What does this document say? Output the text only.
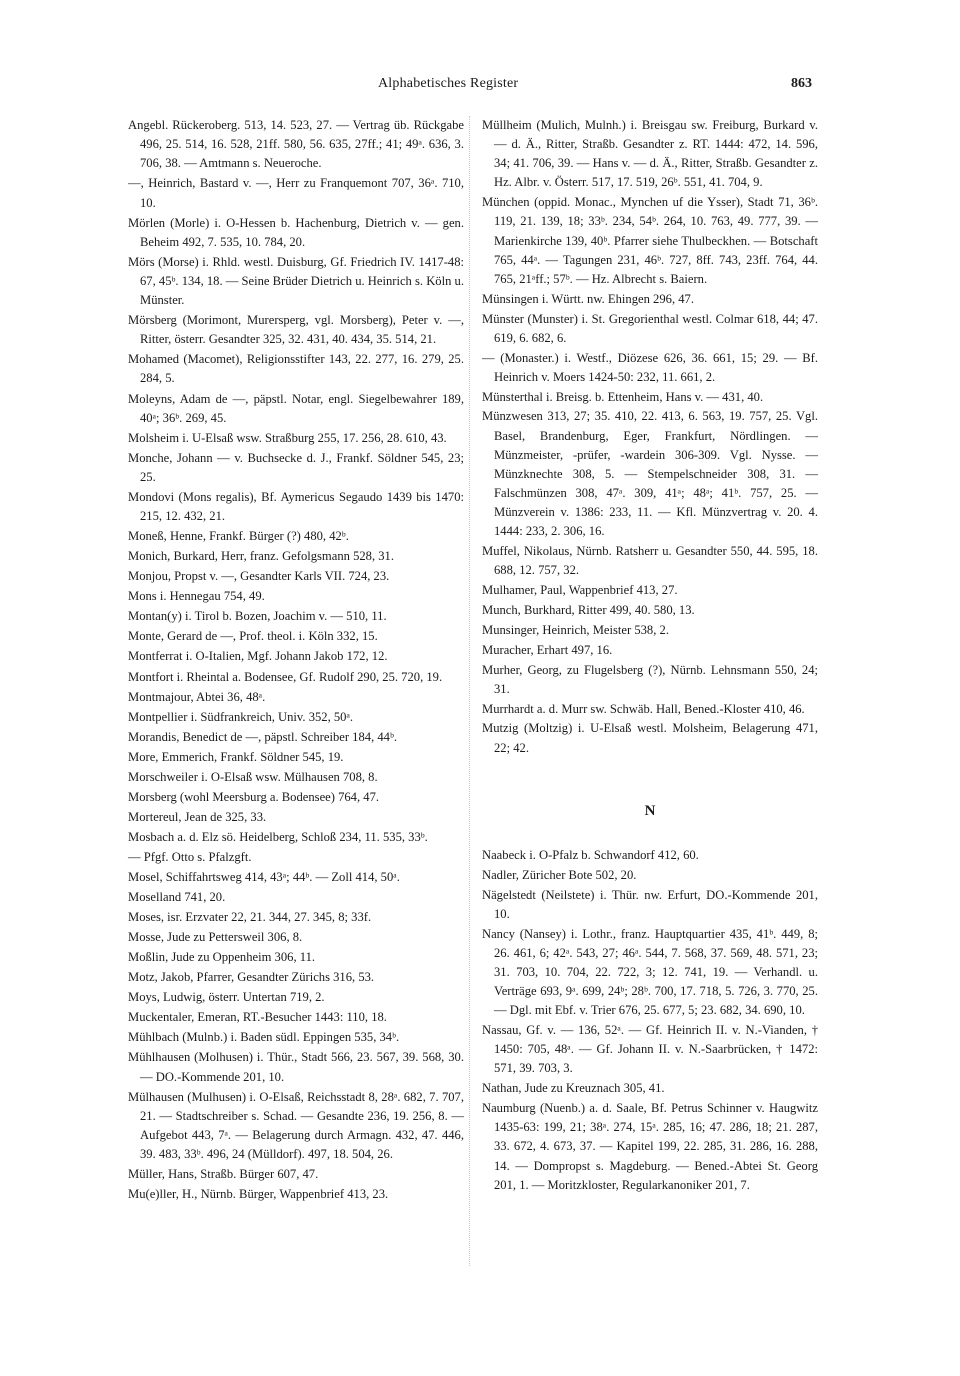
Alphabetisches Register	863

Angebl. Rückeroberg. 513, 14. 523, 27. — Vertrag üb. Rückgabe 496, 25. 514, 16. 528, 21ff. 580, 56. 635, 27ff.; 41; 49ᵃ. 636, 3. 706, 38. — Amtmann s. Neueroche.

—, Heinrich, Bastard v. —, Herr zu Franquemont 707, 36ᵃ. 710, 10.

Mörlen (Morle) i. O-Hessen b. Hachenburg, Dietrich v. — gen. Beheim 492, 7. 535, 10. 784, 20.

Mörs (Morse) i. Rhld. westl. Duisburg, Gf. Friedrich IV. 1417-48: 67, 45ᵇ. 134, 18. — Seine Brüder Dietrich u. Heinrich s. Köln u. Münster.

Mörsberg (Morimont, Murersperg, vgl. Morsberg), Peter v. —, Ritter, österr. Gesandter 325, 32. 431, 40. 434, 35. 514, 21.

Mohamed (Macomet), Religionsstifter 143, 22. 277, 16. 279, 25. 284, 5.

Moleyns, Adam de —, päpstl. Notar, engl. Siegelbewahrer 189, 40ᵃ; 36ᵇ. 269, 45.

Molsheim i. U-Elsaß wsw. Straßburg 255, 17. 256, 28. 610, 43.

Monche, Johann — v. Buchsecke d. J., Frankf. Söldner 545, 23; 25.

Mondovi (Mons regalis), Bf. Aymericus Segaudo 1439 bis 1470: 215, 12. 432, 21.

Moneß, Henne, Frankf. Bürger (?) 480, 42ᵇ.

Monich, Burkard, Herr, franz. Gefolgsmann 528, 31.

Monjou, Propst v. —, Gesandter Karls VII. 724, 23.

Mons i. Hennegau 754, 49.

Montan(y) i. Tirol b. Bozen, Joachim v. — 510, 11.

Monte, Gerard de —, Prof. theol. i. Köln 332, 15.

Montferrat i. O-Italien, Mgf. Johann Jakob 172, 12.

Montfort i. Rheintal a. Bodensee, Gf. Rudolf 290, 25. 720, 19.

Montmajour, Abtei 36, 48ᵃ.

Montpellier i. Südfrankreich, Univ. 352, 50ᵃ.

Morandis, Benedict de —, päpstl. Schreiber 184, 44ᵇ.

More, Emmerich, Frankf. Söldner 545, 19.

Morschweiler i. O-Elsaß wsw. Mülhausen 708, 8.

Morsberg (wohl Meersburg a. Bodensee) 764, 47.

Mortereul, Jean de 325, 33.

Mosbach a. d. Elz sö. Heidelberg, Schloß 234, 11. 535, 33ᵇ.

— Pfgf. Otto s. Pfalzgft.

Mosel, Schiffahrtsweg 414, 43ᵃ; 44ᵇ. — Zoll 414, 50ᵃ.

Moselland 741, 20.

Moses, isr. Erzvater 22, 21. 344, 27. 345, 8; 33f.

Mosse, Jude zu Pettersweil 306, 8.

Moßlin, Jude zu Oppenheim 306, 11.

Motz, Jakob, Pfarrer, Gesandter Zürichs 316, 53.

Moys, Ludwig, österr. Untertan 719, 2.

Muckentaler, Emeran, RT.-Besucher 1443: 110, 18.

Mühlbach (Mulnb.) i. Baden südl. Eppingen 535, 34ᵇ.

Mühlhausen (Molhusen) i. Thür., Stadt 566, 23. 567, 39. 568, 30. — DO.-Kommende 201, 10.

Mülhausen (Mulhusen) i. O-Elsaß, Reichsstadt 8, 28ᵃ. 682, 7. 707, 21. — Stadtschreiber s. Schad. — Gesandte 236, 19. 256, 8. — Aufgebot 443, 7ᵃ. — Belagerung durch Armagn. 432, 47. 446, 39. 483, 33ᵇ. 496, 24 (Mülldorf). 497, 18. 504, 26.

Müller, Hans, Straßb. Bürger 607, 47.

Mu(e)ller, H., Nürnb. Bürger, Wappenbrief 413, 23.

Müllheim (Mulich, Mulnh.) i. Breisgau sw. Freiburg, Burkard v. — d. Ä., Ritter, Straßb. Gesandter z. RT. 1444: 472, 14. 596, 34; 41. 706, 39. — Hans v. — d. Ä., Ritter, Straßb. Gesandter z. Hz. Albr. v. Österr. 517, 17. 519, 26ᵇ. 551, 41. 704, 9.

München (oppid. Monac., Mynchen uf die Ysser), Stadt 71, 36ᵇ. 119, 21. 139, 18; 33ᵇ. 234, 54ᵇ. 264, 10. 763, 49. 777, 39. — Marienkirche 139, 40ᵇ. Pfarrer siehe Thulbeckhen. — Botschaft 765, 44ᵃ. — Tagungen 231, 46ᵇ. 727, 8ff. 743, 23ff. 764, 44. 765, 21ᵃff.; 57ᵇ. — Hz. Albrecht s. Baiern.

Münsingen i. Württ. nw. Ehingen 296, 47.

Münster (Munster) i. St. Gregorienthal westl. Colmar 618, 44; 47. 619, 6. 682, 6.

— (Monaster.) i. Westf., Diözese 626, 36. 661, 15; 29. — Bf. Heinrich v. Moers 1424-50: 232, 11. 661, 2.

Münsterthal i. Breisg. b. Ettenheim, Hans v. — 431, 40.

Münzwesen 313, 27; 35. 410, 22. 413, 6. 563, 19. 757, 25. Vgl. Basel, Brandenburg, Eger, Frankfurt, Nördlingen. — Münzmeister, -prüfer, -wardein 306-309. Vgl. Nysse. — Münzknechte 308, 5. — Stempelschneider 308, 31. — Falschmünzen 308, 47ᵃ. 309, 41ᵃ; 48ᵃ; 41ᵇ. 757, 25. — Münzverein v. 1386: 233, 11. — Kfl. Münzvertrag v. 20. 4. 1444: 233, 2. 306, 16.

Muffel, Nikolaus, Nürnb. Ratsherr u. Gesandter 550, 44. 595, 18. 688, 12. 757, 32.

Mulhamer, Paul, Wappenbrief 413, 27.

Munch, Burkhard, Ritter 499, 40. 580, 13.

Munsinger, Heinrich, Meister 538, 2.

Muracher, Erhart 497, 16.

Murher, Georg, zu Flugelsberg (?), Nürnb. Lehnsmann 550, 24; 31.

Murrhardt a. d. Murr sw. Schwäb. Hall, Bened.-Kloster 410, 46.

Mutzig (Moltzig) i. U-Elsaß westl. Molsheim, Belagerung 471, 22; 42.

N

Naabeck i. O-Pfalz b. Schwandorf 412, 60.

Nadler, Züricher Bote 502, 20.

Nägelstedt (Neilstete) i. Thür. nw. Erfurt, DO.-Kommende 201, 10.

Nancy (Nansey) i. Lothr., franz. Hauptquartier 435, 41ᵇ. 449, 8; 26. 461, 6; 42ᵃ. 543, 27; 46ᵃ. 544, 7. 568, 37. 569, 48. 571, 23; 31. 703, 10. 704, 22. 722, 3; 12. 741, 19. — Verhandl. u. Verträge 693, 9ᵃ. 699, 24ᵇ; 28ᵇ. 700, 17. 718, 5. 726, 3. 770, 25. — Dgl. mit Ebf. v. Trier 676, 25. 677, 5; 23. 682, 34. 690, 10.

Nassau, Gf. v. — 136, 52ᵃ. — Gf. Heinrich II. v. N.-Vianden, † 1450: 705, 48ᵃ. — Gf. Johann II. v. N.-Saarbrücken, † 1472: 571, 39. 703, 3.

Nathan, Jude zu Kreuznach 305, 41.

Naumburg (Nuenb.) a. d. Saale, Bf. Petrus Schinner v. Haugwitz 1435-63: 199, 21; 38ᵃ. 274, 15ᵃ. 285, 16; 47. 286, 18; 21. 287, 33. 672, 4. 673, 37. — Kapitel 199, 22. 285, 31. 286, 16. 288, 14. — Dompropst s. Magdeburg. — Bened.-Abtei St. Georg 201, 1. — Moritzkloster, Regularkanoniker 201, 7.
